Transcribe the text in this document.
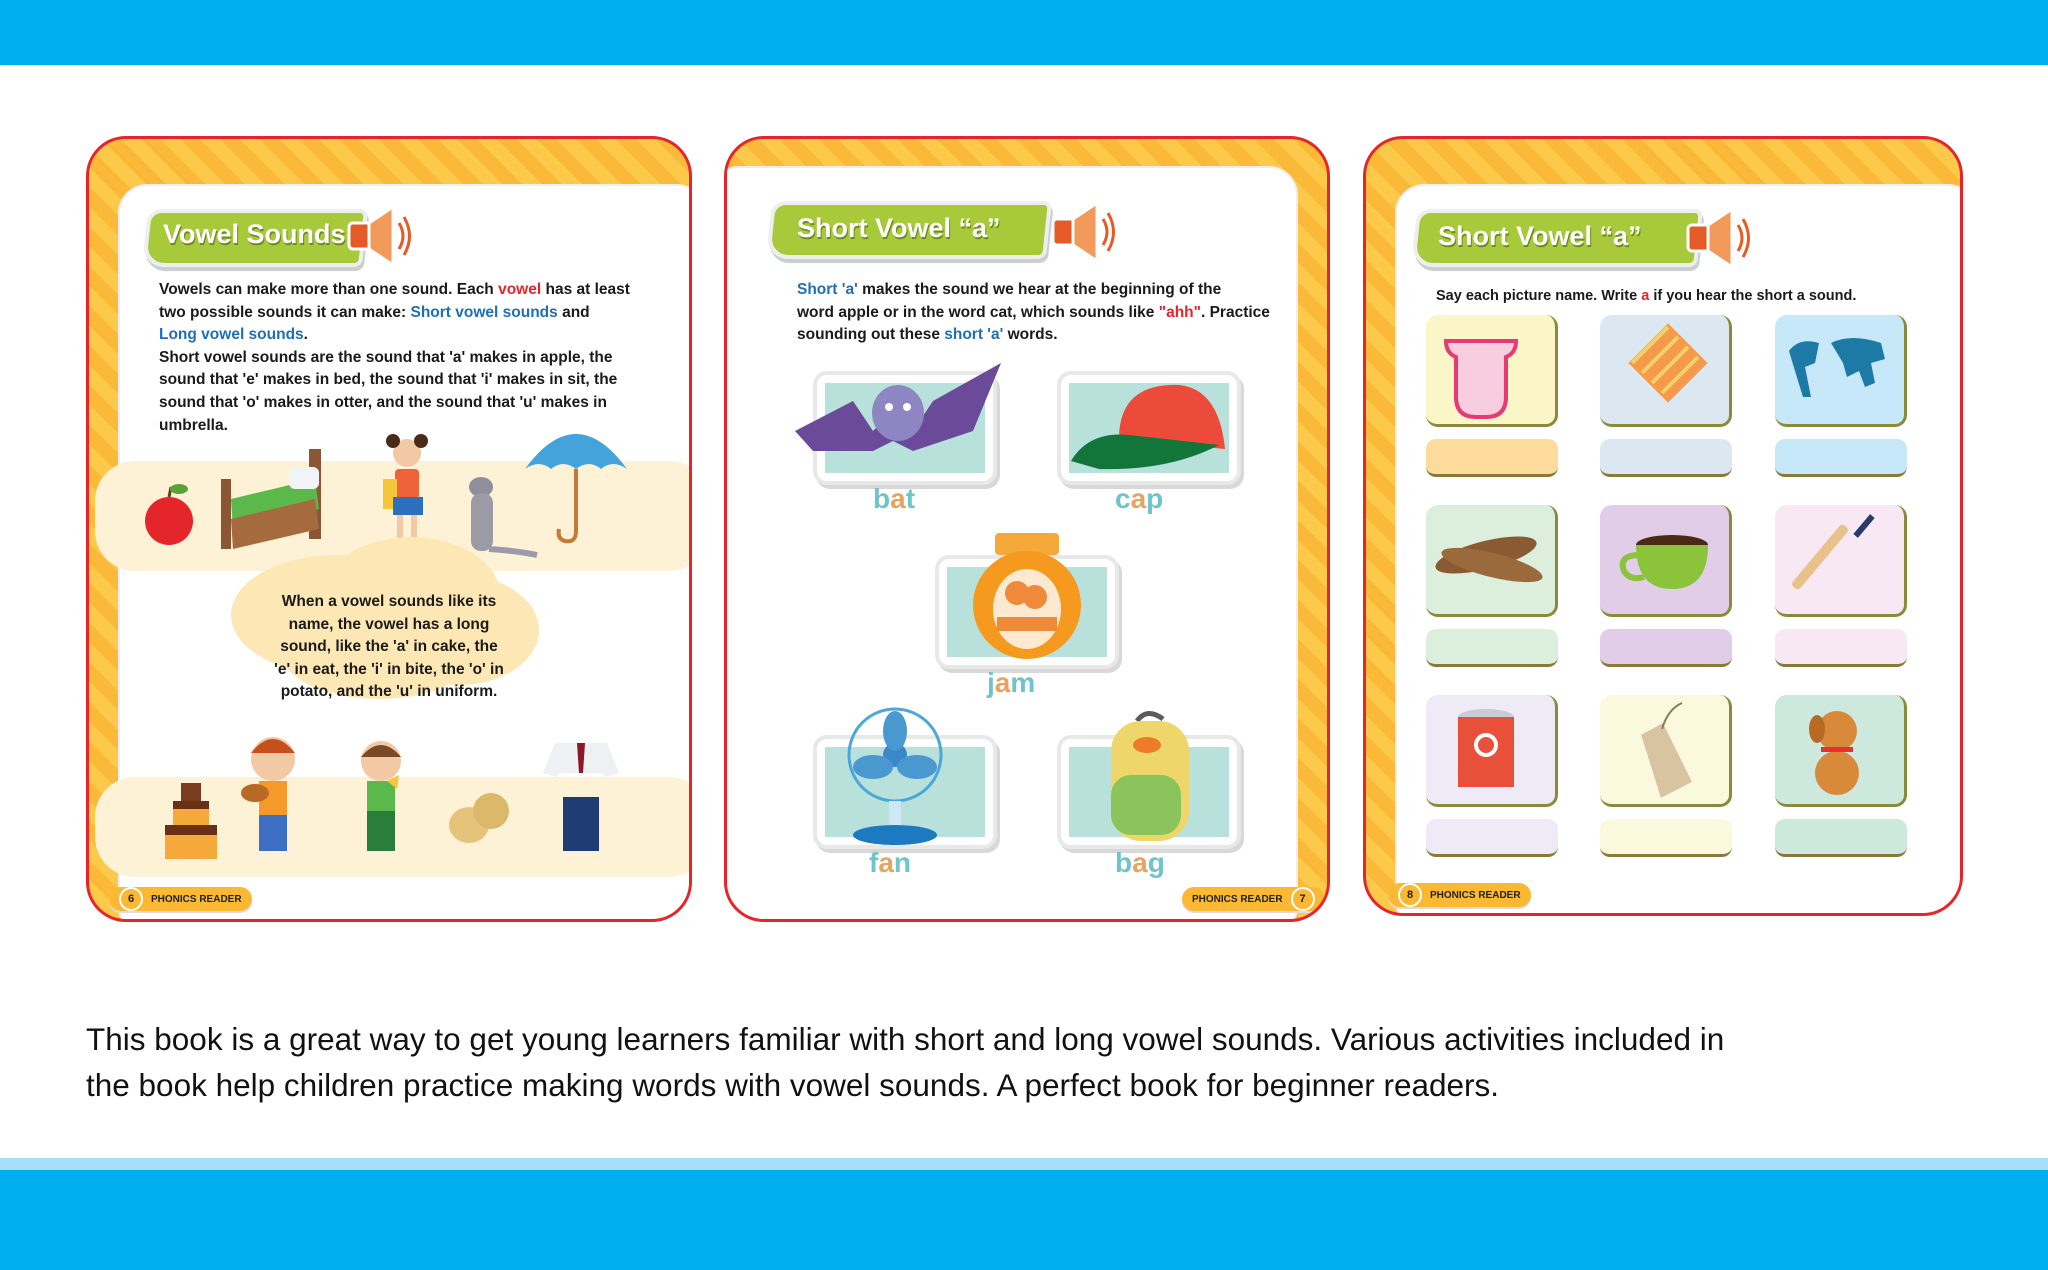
Vowel Sounds
Vowels can make more than one sound. Each vowel has at least
two possible sounds it can make: Short vowel sounds and
Long vowel sounds.
Short vowel sounds are the sound that 'a' makes in apple, the
sound that 'e' makes in bed, the sound that 'i' makes in sit, the
sound that 'o' makes in otter, and the sound that 'u' makes in
umbrella.
When a vowel sounds like its
name, the vowel has a long
sound, like the 'a' in cake, the
'e' in eat, the 'i' in bite, the 'o' in
potato, and the 'u' in uniform.
6	PHONICS READER
Short Vowel “a”
Short 'a' makes the sound we hear at the beginning of the
word apple or in the word cat, which sounds like "ahh". Practice
sounding out these short 'a' words.
bat	cap
jam
fan	bag
PHONICS READER	7
Short Vowel “a”
Say each picture name. Write a if you hear the short a sound.
8	PHONICS READER
This book is a great way to get young learners familiar with short and long vowel sounds. Various activities included in
the book help children practice making words with vowel sounds. A perfect book for beginner readers.
